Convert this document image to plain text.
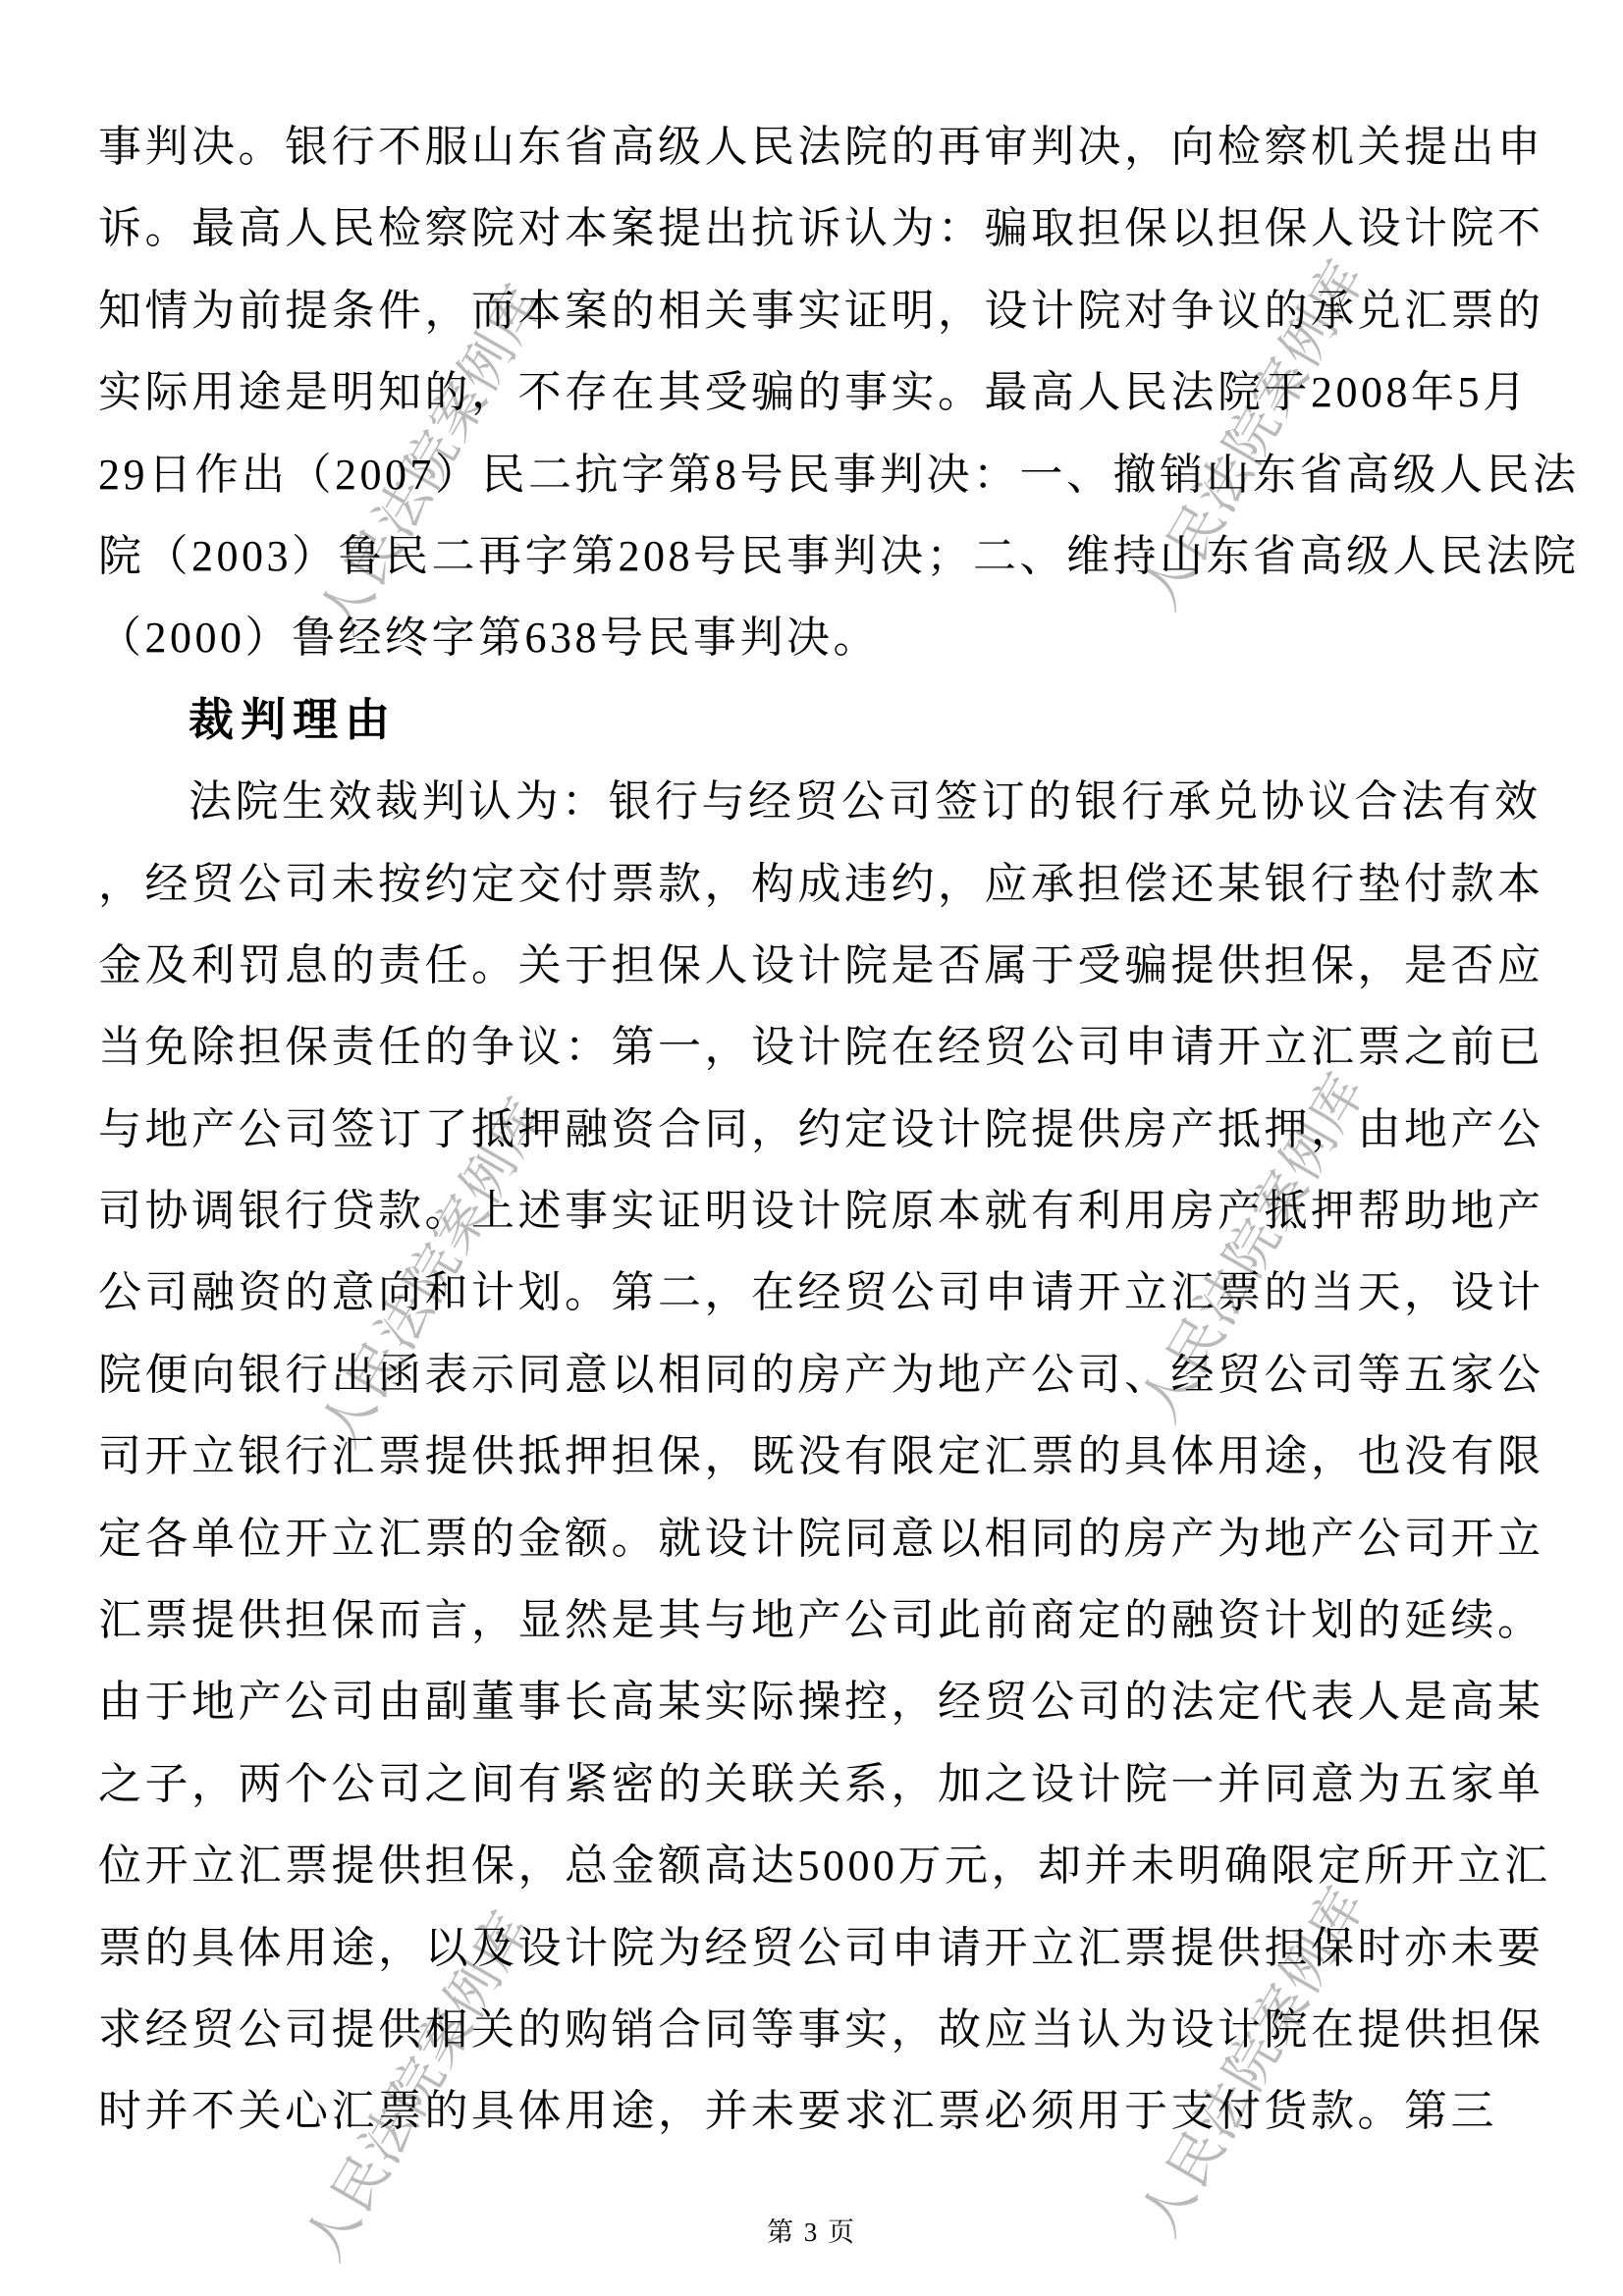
人民法院案例库	人民法院案例库
人民法院案例库	人民法院案例库
人民法院案例库	人民法院案例库
事判决。银行不服山东省高级人民法院的再审判决，向检察机关提出申
诉。最高人民检察院对本案提出抗诉认为：骗取担保以担保人设计院不
知情为前提条件，而本案的相关事实证明，设计院对争议的承兑汇票的
实际用途是明知的，不存在其受骗的事实。最高人民法院于2008年5月
29日作出（2007）民二抗字第8号民事判决：一、撤销山东省高级人民法
院（2003）鲁民二再字第208号民事判决；二、维持山东省高级人民法院
（2000）鲁经终字第638号民事判决。
裁判理由
法院生效裁判认为：银行与经贸公司签订的银行承兑协议合法有效
，经贸公司未按约定交付票款，构成违约，应承担偿还某银行垫付款本
金及利罚息的责任。关于担保人设计院是否属于受骗提供担保，是否应
当免除担保责任的争议：第一，设计院在经贸公司申请开立汇票之前已
与地产公司签订了抵押融资合同，约定设计院提供房产抵押，由地产公
司协调银行贷款。上述事实证明设计院原本就有利用房产抵押帮助地产
公司融资的意向和计划。第二，在经贸公司申请开立汇票的当天，设计
院便向银行出函表示同意以相同的房产为地产公司、经贸公司等五家公
司开立银行汇票提供抵押担保，既没有限定汇票的具体用途，也没有限
定各单位开立汇票的金额。就设计院同意以相同的房产为地产公司开立
汇票提供担保而言，显然是其与地产公司此前商定的融资计划的延续。
由于地产公司由副董事长高某实际操控，经贸公司的法定代表人是高某
之子，两个公司之间有紧密的关联关系，加之设计院一并同意为五家单
位开立汇票提供担保，总金额高达5000万元，却并未明确限定所开立汇
票的具体用途，以及设计院为经贸公司申请开立汇票提供担保时亦未要
求经贸公司提供相关的购销合同等事实，故应当认为设计院在提供担保
时并不关心汇票的具体用途，并未要求汇票必须用于支付货款。第三
第 3 页
